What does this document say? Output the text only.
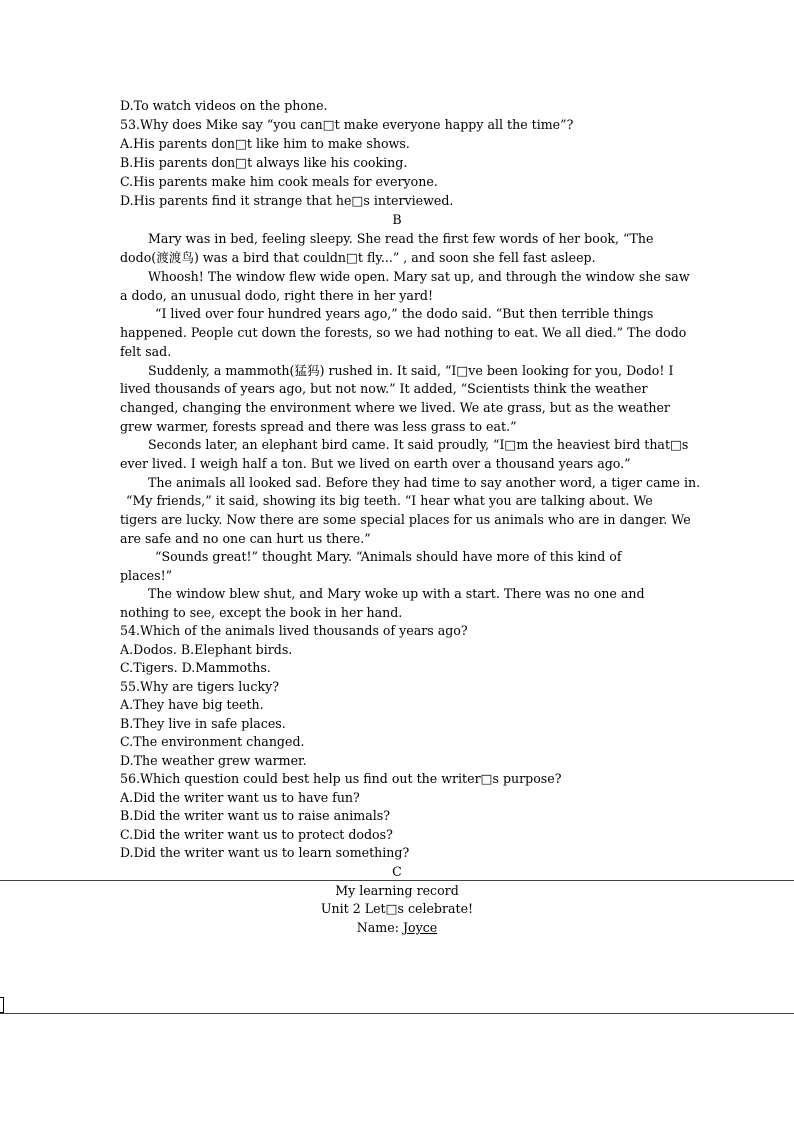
D.To watch videos on the phone.
53.Why does Mike say “you can□t make everyone happy all the time”?
A.His parents don□t like him to make shows.
B.His parents don□t always like his cooking.
C.His parents make him cook meals for everyone.
D.His parents find it strange that he□s interviewed.
B
Mary was in bed, feeling sleepy. She read the first few words of her book, “The
dodo(渡渡鸟) was a bird that couldn□t fly...” , and soon she fell fast asleep.
Whoosh! The window flew wide open. Mary sat up, and through the window she saw
a dodo, an unusual dodo, right there in her yard!
“I lived over four hundred years ago,” the dodo said. “But then terrible things
happened. People cut down the forests, so we had nothing to eat. We all died.” The dodo
felt sad.
Suddenly, a mammoth(猛犸) rushed in. It said, “I□ve been looking for you, Dodo! I
lived thousands of years ago, but not now.” It added, “Scientists think the weather
changed, changing the environment where we lived. We ate grass, but as the weather
grew warmer, forests spread and there was less grass to eat.”
Seconds later, an elephant bird came. It said proudly, “I□m the heaviest bird that□s
ever lived. I weigh half a ton. But we lived on earth over a thousand years ago.”
The animals all looked sad. Before they had time to say another word, a tiger came in.
“My friends,” it said, showing its big teeth. “I hear what you are talking about. We
tigers are lucky. Now there are some special places for us animals who are in danger. We
are safe and no one can hurt us there.”
“Sounds great!” thought Mary. “Animals should have more of this kind of
places!”
The window blew shut, and Mary woke up with a start. There was no one and
nothing to see, except the book in her hand.
54.Which of the animals lived thousands of years ago?
A.Dodos. B.Elephant birds.
C.Tigers. D.Mammoths.
55.Why are tigers lucky?
A.They have big teeth.
B.They live in safe places.
C.The environment changed.
D.The weather grew warmer.
56.Which question could best help us find out the writer□s purpose?
A.Did the writer want us to have fun?
B.Did the writer want us to raise animals?
C.Did the writer want us to protect dodos?
D.Did the writer want us to learn something?
C
My learning record
Unit 2 Let□s celebrate!
Name: Joyce
